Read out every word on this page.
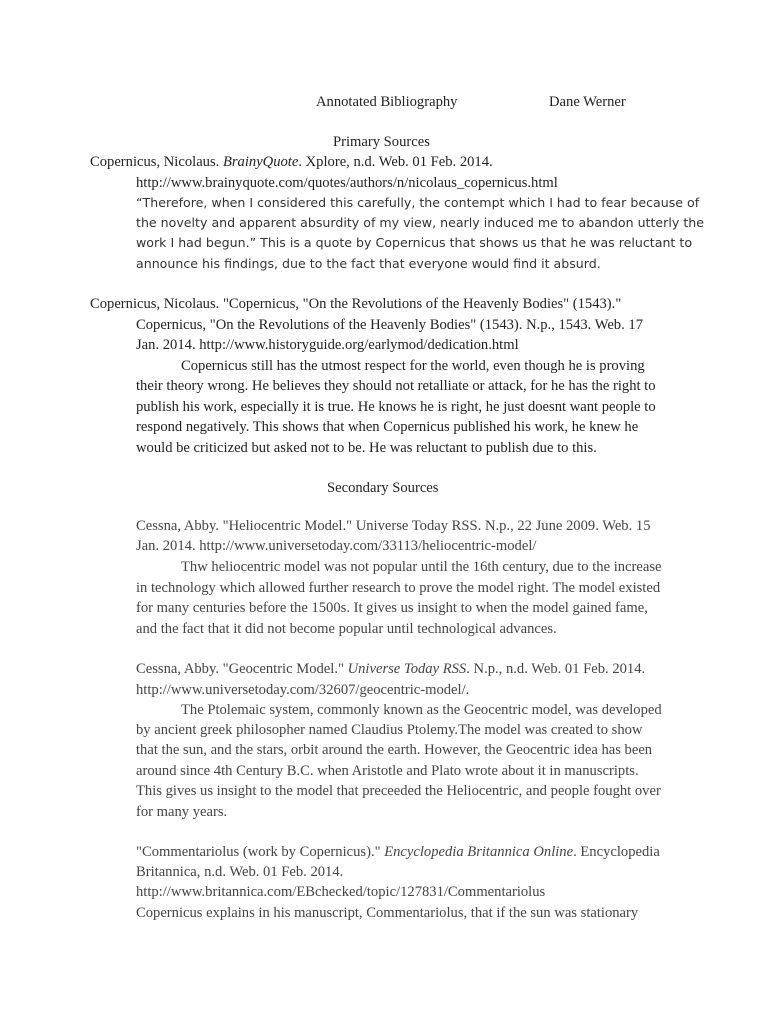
Annotated Bibliography	Dane Werner
Primary Sources
Copernicus, Nicolaus. BrainyQuote. Xplore, n.d. Web. 01 Feb. 2014.
http://www.brainyquote.com/quotes/authors/n/nicolaus_copernicus.html
“Therefore, when I considered this carefully, the contempt which I had to fear because of
the novelty and apparent absurdity of my view, nearly induced me to abandon utterly the
work I had begun.” This is a quote by Copernicus that shows us that he was reluctant to
announce his findings, due to the fact that everyone would find it absurd.
Copernicus, Nicolaus. "Copernicus, "On the Revolutions of the Heavenly Bodies" (1543)."
Copernicus, "On the Revolutions of the Heavenly Bodies" (1543). N.p., 1543. Web. 17
Jan. 2014. http://www.historyguide.org/earlymod/dedication.html
Copernicus still has the utmost respect for the world, even though he is proving
their theory wrong. He believes they should not retalliate or attack, for he has the right to
publish his work, especially it is true. He knows he is right, he just doesnt want people to
respond negatively. This shows that when Copernicus published his work, he knew he
would be criticized but asked not to be. He was reluctant to publish due to this.
Secondary Sources
Cessna, Abby. "Heliocentric Model." Universe Today RSS. N.p., 22 June 2009. Web. 15
Jan. 2014. http://www.universetoday.com/33113/heliocentric-model/
Thw heliocentric model was not popular until the 16th century, due to the increase
in technology which allowed further research to prove the model right. The model existed
for many centuries before the 1500s. It gives us insight to when the model gained fame,
and the fact that it did not become popular until technological advances.
Cessna, Abby. "Geocentric Model." Universe Today RSS. N.p., n.d. Web. 01 Feb. 2014.
http://www.universetoday.com/32607/geocentric-model/.
The Ptolemaic system, commonly known as the Geocentric model, was developed
by ancient greek philosopher named Claudius Ptolemy.The model was created to show
that the sun, and the stars, orbit around the earth. However, the Geocentric idea has been
around since 4th Century B.C. when Aristotle and Plato wrote about it in manuscripts.
This gives us insight to the model that preceeded the Heliocentric, and people fought over
for many years.
"Commentariolus (work by Copernicus)." Encyclopedia Britannica Online. Encyclopedia
Britannica, n.d. Web. 01 Feb. 2014.
http://www.britannica.com/EBchecked/topic/127831/Commentariolus
Copernicus explains in his manuscript, Commentariolus, that if the sun was stationary
